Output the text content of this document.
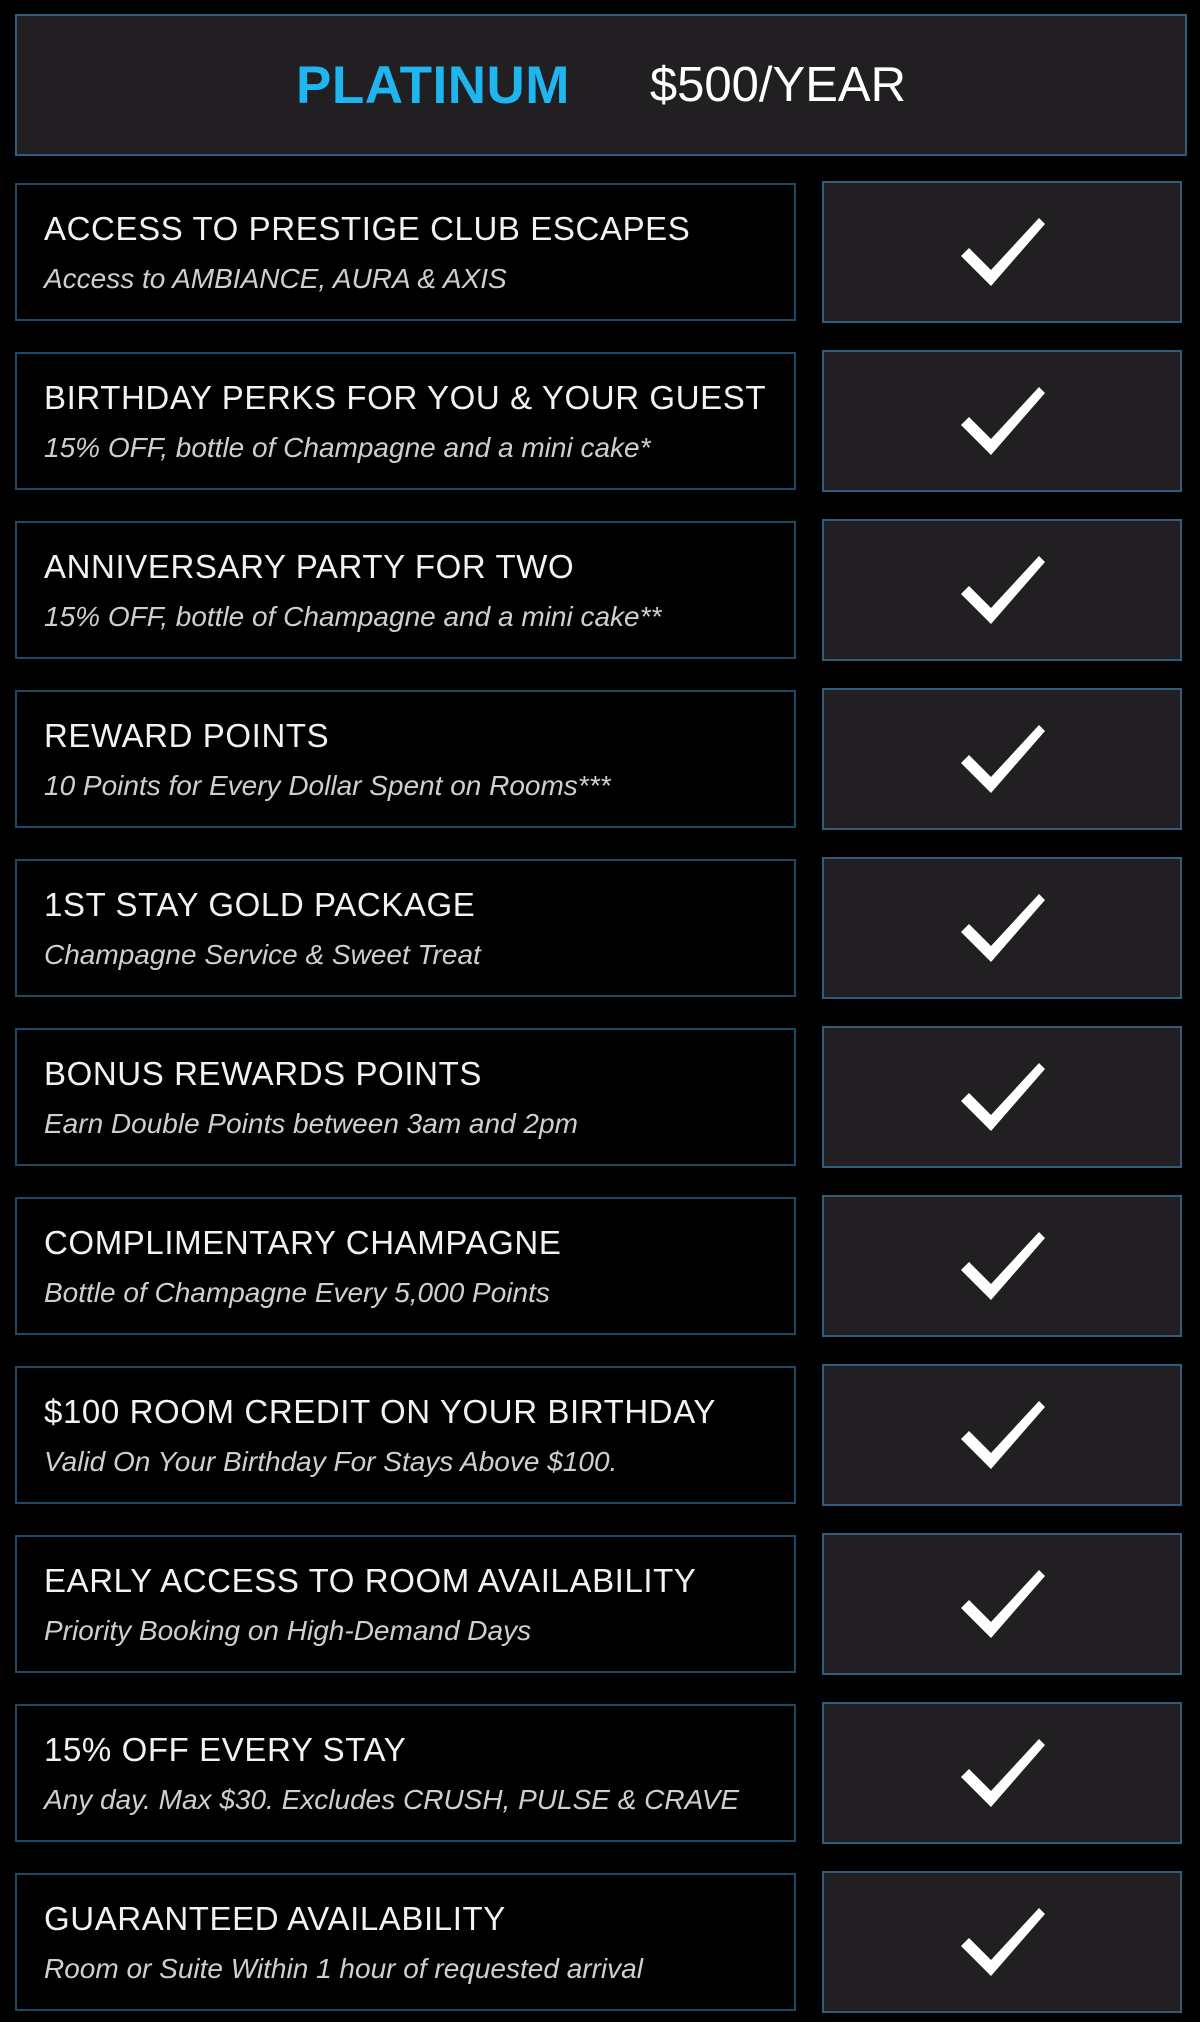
PLATINUM $500/YEAR
ACCESS TO PRESTIGE CLUB ESCAPES
Access to AMBIANCE, AURA & AXIS
BIRTHDAY PERKS FOR YOU & YOUR GUEST
15% OFF, bottle of Champagne and a mini cake*
ANNIVERSARY PARTY FOR TWO
15% OFF, bottle of Champagne and a mini cake**
REWARD POINTS
10 Points for Every Dollar Spent on Rooms***
1ST STAY GOLD PACKAGE
Champagne Service & Sweet Treat
BONUS REWARDS POINTS
Earn Double Points between 3am and 2pm
COMPLIMENTARY CHAMPAGNE
Bottle of Champagne Every 5,000 Points
$100 ROOM CREDIT ON YOUR BIRTHDAY
Valid On Your Birthday For Stays Above $100.
EARLY ACCESS TO ROOM AVAILABILITY
Priority Booking on High-Demand Days
15% OFF EVERY STAY
Any day. Max $30. Excludes CRUSH, PULSE & CRAVE
GUARANTEED AVAILABILITY
Room or Suite Within 1 hour of requested arrival
